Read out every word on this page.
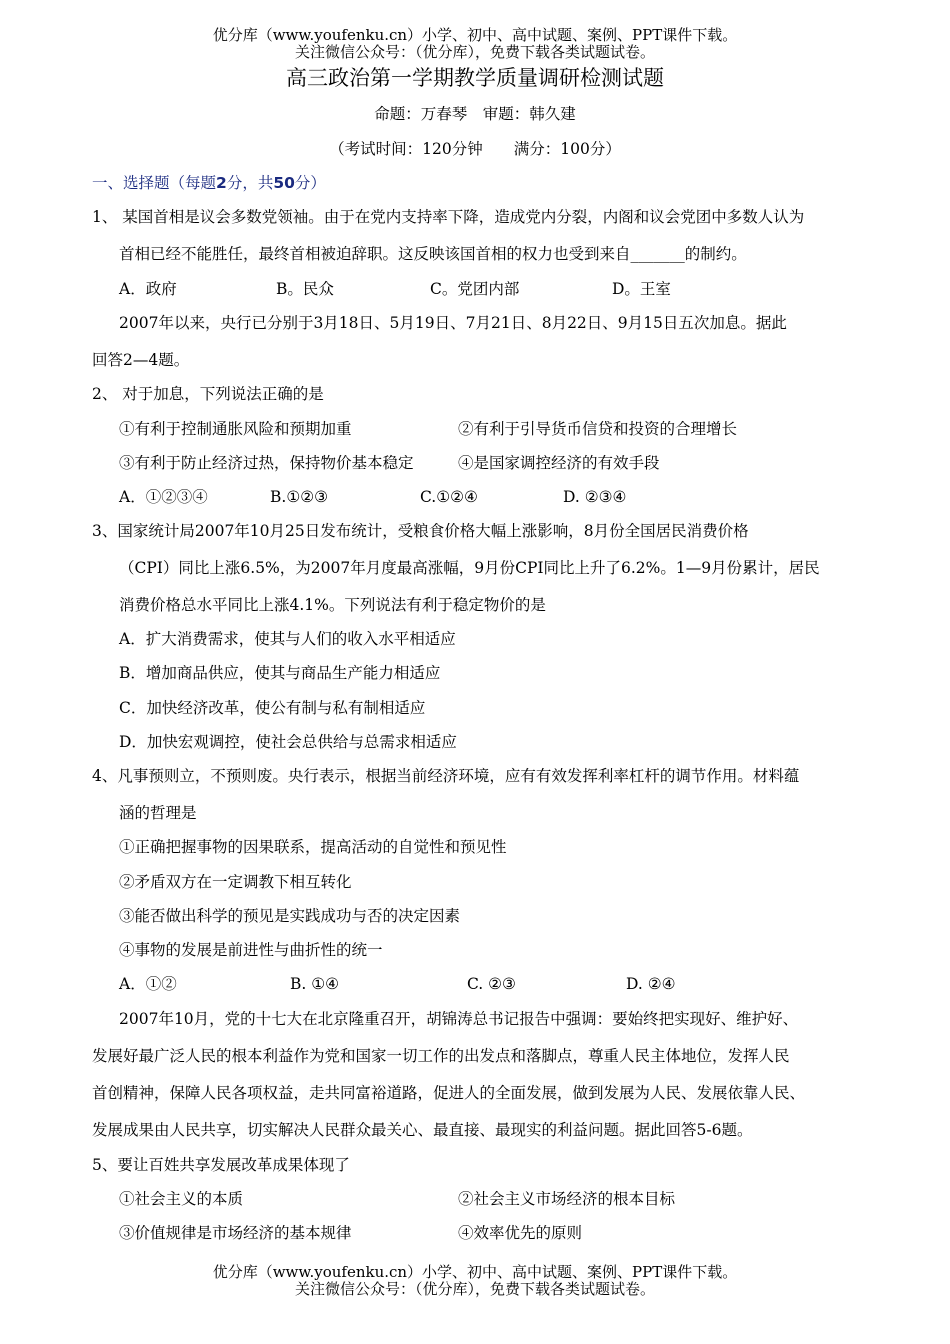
优分库（www.youfenku.cn）小学、初中、高中试题、案例、PPT课件下载。
关注微信公众号：（优分库），免费下载各类试题试卷。
高三政治第一学期教学质量调研检测试题
命题：万春琴　审题：韩久建
（考试时间：120分钟　　满分：100分）
一、选择题（每题2分，共50分）
1、 某国首相是议会多数党领袖。由于在党内支持率下降，造成党内分裂，内阁和议会党团中多数人认为
首相已经不能胜任，最终首相被迫辞职。这反映该国首相的权力也受到来自_______的制约。
A．政府	B。民众	C。党团内部	D。王室
2007年以来，央行已分别于3月18日、5月19日、7月21日、8月22日、9月15日五次加息。据此
回答2—4题。
2、 对于加息，下列说法正确的是
①有利于控制通胀风险和预期加重	②有利于引导货币信贷和投资的合理增长
③有利于防止经济过热，保持物价基本稳定	④是国家调控经济的有效手段
A．①②③④	B.①②③	C.①②④	D. ②③④
3、国家统计局2007年10月25日发布统计，受粮食价格大幅上涨影响，8月份全国居民消费价格
（CPI）同比上涨6.5%，为2007年月度最高涨幅，9月份CPI同比上升了6.2%。1—9月份累计，居民
消费价格总水平同比上涨4.1%。下列说法有利于稳定物价的是
A．扩大消费需求，使其与人们的收入水平相适应
B．增加商品供应，使其与商品生产能力相适应
C．加快经济改革，使公有制与私有制相适应
D．加快宏观调控，使社会总供给与总需求相适应
4、凡事预则立，不预则废。央行表示，根据当前经济环境，应有有效发挥利率杠杆的调节作用。材料蕴
涵的哲理是
①正确把握事物的因果联系，提高活动的自觉性和预见性
②矛盾双方在一定调教下相互转化
③能否做出科学的预见是实践成功与否的决定因素
④事物的发展是前进性与曲折性的统一
A．①②	B. ①④	C. ②③	D. ②④
2007年10月，党的十七大在北京隆重召开，胡锦涛总书记报告中强调：要始终把实现好、维护好、
发展好最广泛人民的根本利益作为党和国家一切工作的出发点和落脚点，尊重人民主体地位，发挥人民
首创精神，保障人民各项权益，走共同富裕道路，促进人的全面发展，做到发展为人民、发展依靠人民、
发展成果由人民共享，切实解决人民群众最关心、最直接、最现实的利益问题。据此回答5-6题。
5、要让百姓共享发展改革成果体现了
①社会主义的本质	②社会主义市场经济的根本目标
③价值规律是市场经济的基本规律	④效率优先的原则
优分库（www.youfenku.cn）小学、初中、高中试题、案例、PPT课件下载。
关注微信公众号：（优分库），免费下载各类试题试卷。
